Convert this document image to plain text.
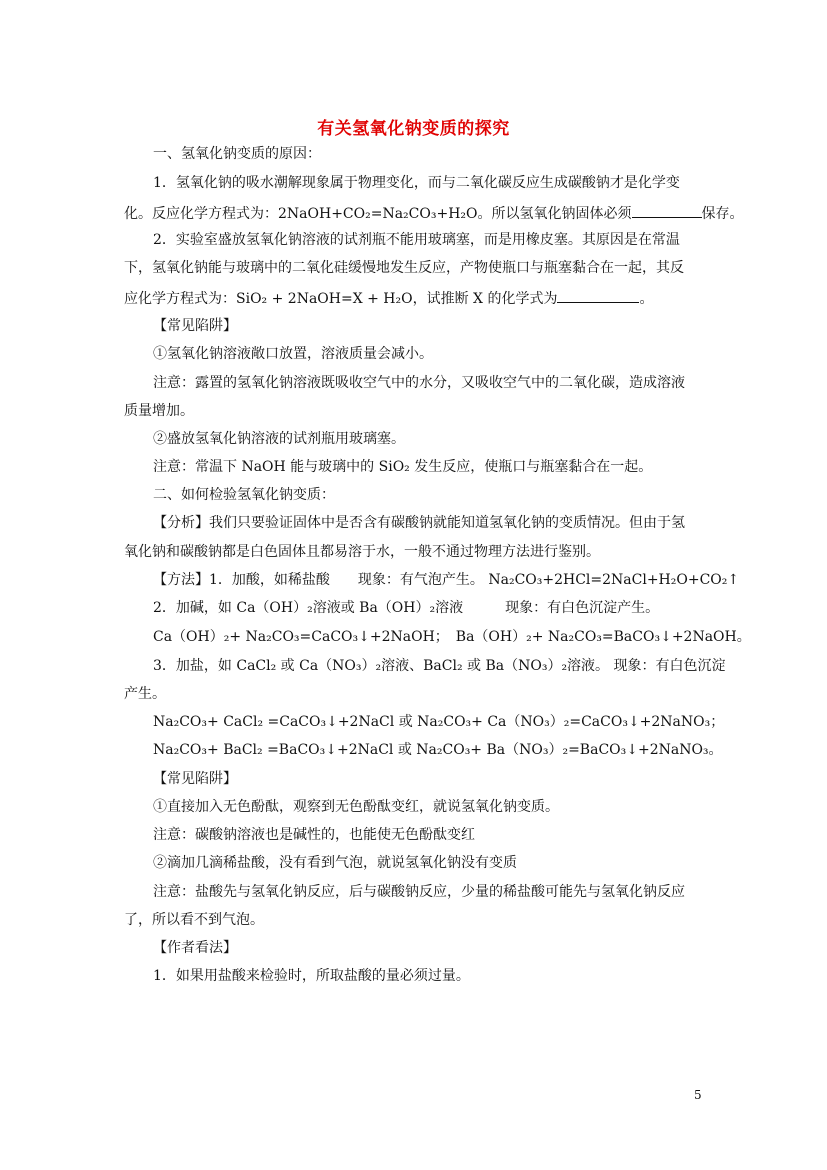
有关氢氧化钠变质的探究
一、氢氧化钠变质的原因：
1．氢氧化钠的吸水潮解现象属于物理变化，而与二氧化碳反应生成碳酸钠才是化学变
化。反应化学方程式为：2NaOH+CO₂=Na₂CO₃+H₂O。所以氢氧化钠固体必须	保存。
2．实验室盛放氢氧化钠溶液的试剂瓶不能用玻璃塞，而是用橡皮塞。其原因是在常温
下，氢氧化钠能与玻璃中的二氧化硅缓慢地发生反应，产物使瓶口与瓶塞黏合在一起，其反
应化学方程式为：SiO₂ + 2NaOH=X + H₂O，试推断 X 的化学式为	。
【常见陷阱】
①氢氧化钠溶液敞口放置，溶液质量会减小。
注意：露置的氢氧化钠溶液既吸收空气中的水分，又吸收空气中的二氧化碳，造成溶液
质量增加。
②盛放氢氧化钠溶液的试剂瓶用玻璃塞。
注意：常温下 NaOH 能与玻璃中的 SiO₂ 发生反应，使瓶口与瓶塞黏合在一起。
二、如何检验氢氧化钠变质：
【分析】我们只要验证固体中是否含有碳酸钠就能知道氢氧化钠的变质情况。但由于氢
氧化钠和碳酸钠都是白色固体且都易溶于水，一般不通过物理方法进行鉴别。
【方法】1．加酸，如稀盐酸　　现象：有气泡产生。 Na₂CO₃+2HCl=2NaCl+H₂O+CO₂↑
2．加碱，如 Ca（OH）₂溶液或 Ba（OH）₂溶液　　　现象：有白色沉淀产生。
Ca（OH）₂+ Na₂CO₃=CaCO₃↓+2NaOH；　Ba（OH）₂+ Na₂CO₃=BaCO₃↓+2NaOH。
3．加盐，如 CaCl₂ 或 Ca（NO₃）₂溶液、BaCl₂ 或 Ba（NO₃）₂溶液。 现象：有白色沉淀
产生。
Na₂CO₃+ CaCl₂ =CaCO₃↓+2NaCl 或 Na₂CO₃+ Ca（NO₃）₂=CaCO₃↓+2NaNO₃；
Na₂CO₃+ BaCl₂ =BaCO₃↓+2NaCl 或 Na₂CO₃+ Ba（NO₃）₂=BaCO₃↓+2NaNO₃。
【常见陷阱】
①直接加入无色酚酞，观察到无色酚酞变红，就说氢氧化钠变质。
注意：碳酸钠溶液也是碱性的，也能使无色酚酞变红
②滴加几滴稀盐酸，没有看到气泡，就说氢氧化钠没有变质
注意：盐酸先与氢氧化钠反应，后与碳酸钠反应，少量的稀盐酸可能先与氢氧化钠反应
了，所以看不到气泡。
【作者看法】
1．如果用盐酸来检验时，所取盐酸的量必须过量。
5
